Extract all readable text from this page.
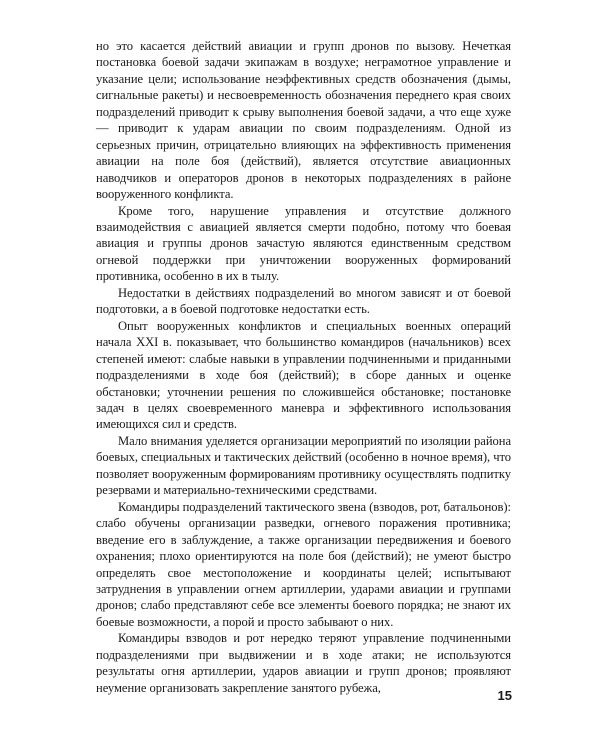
но это касается действий авиации и групп дронов по вызову. Нечеткая постановка боевой задачи экипажам в воздухе; неграмотное управление и указание цели; использование неэффективных средств обозначения (дымы, сигнальные ракеты) и несвоевременность обозначения переднего края своих подразделений приводит к срыву выполнения боевой задачи, а что еще хуже — приводит к ударам авиации по своим подразделениям. Одной из серьезных причин, отрицательно влияющих на эффективность применения авиации на поле боя (действий), является отсутствие авиационных наводчиков и операторов дронов в некоторых подразделениях в районе вооруженного конфликта.

Кроме того, нарушение управления и отсутствие должного взаимодействия с авиацией является смерти подобно, потому что боевая авиация и группы дронов зачастую являются единственным средством огневой поддержки при уничтожении вооруженных формирований противника, особенно в их в тылу.

Недостатки в действиях подразделений во многом зависят и от боевой подготовки, а в боевой подготовке недостатки есть.

Опыт вооруженных конфликтов и специальных военных операций начала XXI в. показывает, что большинство командиров (начальников) всех степеней имеют: слабые навыки в управлении подчиненными и приданными подразделениями в ходе боя (действий); в сборе данных и оценке обстановки; уточнении решения по сложившейся обстановке; постановке задач в целях своевременного маневра и эффективного использования имеющихся сил и средств.

Мало внимания уделяется организации мероприятий по изоляции района боевых, специальных и тактических действий (особенно в ночное время), что позволяет вооруженным формированиям противнику осуществлять подпитку резервами и материально-техническими средствами.

Командиры подразделений тактического звена (взводов, рот, батальонов): слабо обучены организации разведки, огневого поражения противника; введение его в заблуждение, а также организации передвижения и боевого охранения; плохо ориентируются на поле боя (действий); не умеют быстро определять свое местоположение и координаты целей; испытывают затруднения в управлении огнем артиллерии, ударами авиации и группами дронов; слабо представляют себе все элементы боевого порядка; не знают их боевые возможности, а порой и просто забывают о них.

Командиры взводов и рот нередко теряют управление подчиненными подразделениями при выдвижении и в ходе атаки; не используются результаты огня артиллерии, ударов авиации и групп дронов; проявляют неумение организовать закрепление занятого рубежа,

15
